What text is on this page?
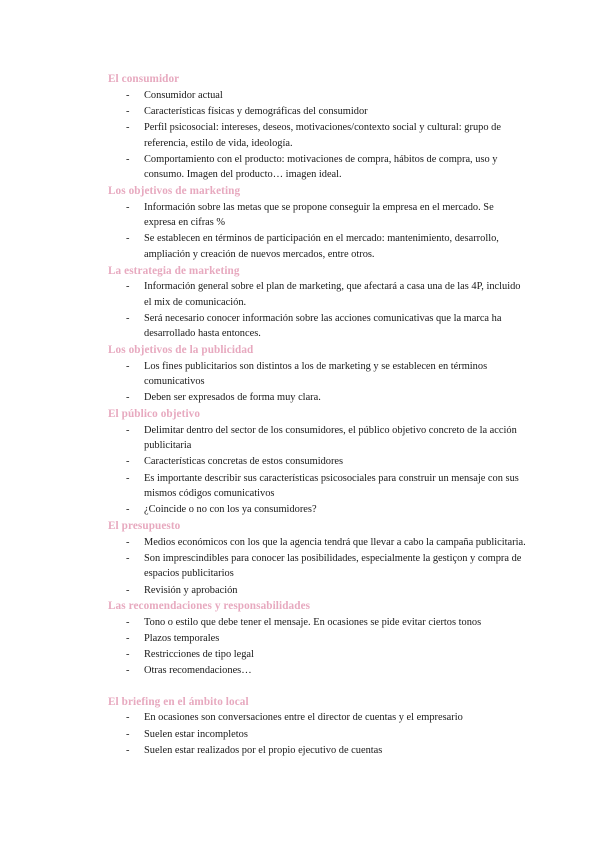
El consumidor
- Consumidor actual
- Características físicas y demográficas del consumidor
- Perfil psicosocial: intereses, deseos, motivaciones/contexto social y cultural: grupo de referencia, estilo de vida, ideología.
- Comportamiento con el producto: motivaciones de compra, hábitos de compra, uso y consumo. Imagen del producto… imagen ideal.
Los objetivos de marketing
- Información sobre las metas que se propone conseguir la empresa en el mercado. Se expresa en cifras %
- Se establecen en términos de participación en el mercado: mantenimiento, desarrollo, ampliación y creación de nuevos mercados, entre otros.
La estrategia de marketing
- Información general sobre el plan de marketing, que afectará a casa una de las 4P, incluido el mix de comunicación.
- Será necesario conocer información sobre las acciones comunicativas que la marca ha desarrollado hasta entonces.
Los objetivos de la publicidad
- Los fines publicitarios son distintos a los de marketing y se establecen en términos comunicativos
- Deben ser expresados de forma muy clara.
El público objetivo
- Delimitar dentro del sector de los consumidores, el público objetivo concreto de la acción publicitaria
- Características concretas de estos consumidores
- Es importante describir sus características psicosociales para construir un mensaje con sus mismos códigos comunicativos
- ¿Coincide o no con los ya consumidores?
El presupuesto
- Medios económicos con los que la agencia tendrá que llevar a cabo la campaña publicitaria.
- Son imprescindibles para conocer las posibilidades, especialmente la gestiçon y compra de espacios publicitarios
- Revisión y aprobación
Las recomendaciones y responsabilidades
- Tono o estilo que debe tener el mensaje. En ocasiones se pide evitar ciertos tonos
- Plazos temporales
- Restricciones de tipo legal
- Otras recomendaciones…
El briefing en el ámbito local
- En ocasiones son conversaciones entre el director de cuentas y el empresario
- Suelen estar incompletos
- Suelen estar realizados por el propio ejecutivo de cuentas
